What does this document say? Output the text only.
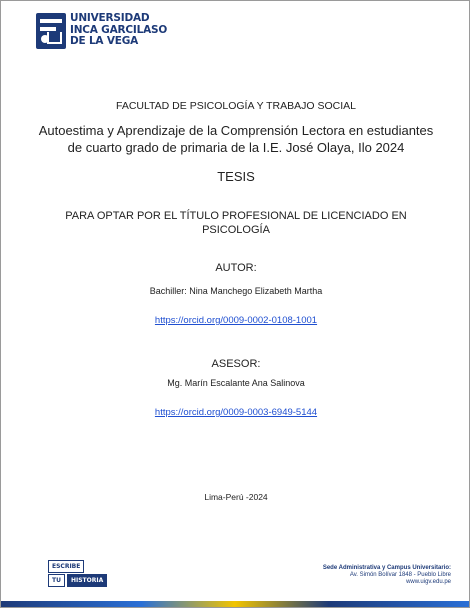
UNIVERSIDAD
INCA GARCILASO
DE LA VEGA
FACULTAD DE PSICOLOGÍA Y TRABAJO SOCIAL
Autoestima y Aprendizaje de la Comprensión Lectora en estudiantes
de cuarto grado de primaria de la I.E. José Olaya, Ilo 2024
TESIS
PARA OPTAR POR EL TÍTULO PROFESIONAL DE LICENCIADO EN
PSICOLOGÍA
AUTOR:
Bachiller: Nina Manchego Elizabeth Martha
https://orcid.org/0009-0002-0108-1001
ASESOR:
Mg. Marín Escalante Ana Salinova
https://orcid.org/0009-0003-6949-5144
Lima-Perú -2024
ESCRIBE
TU	HISTORIA
Sede Administrativa y Campus Universitario:
Av. Simón Bolívar 1848 - Pueblo Libre
www.uigv.edu.pe
